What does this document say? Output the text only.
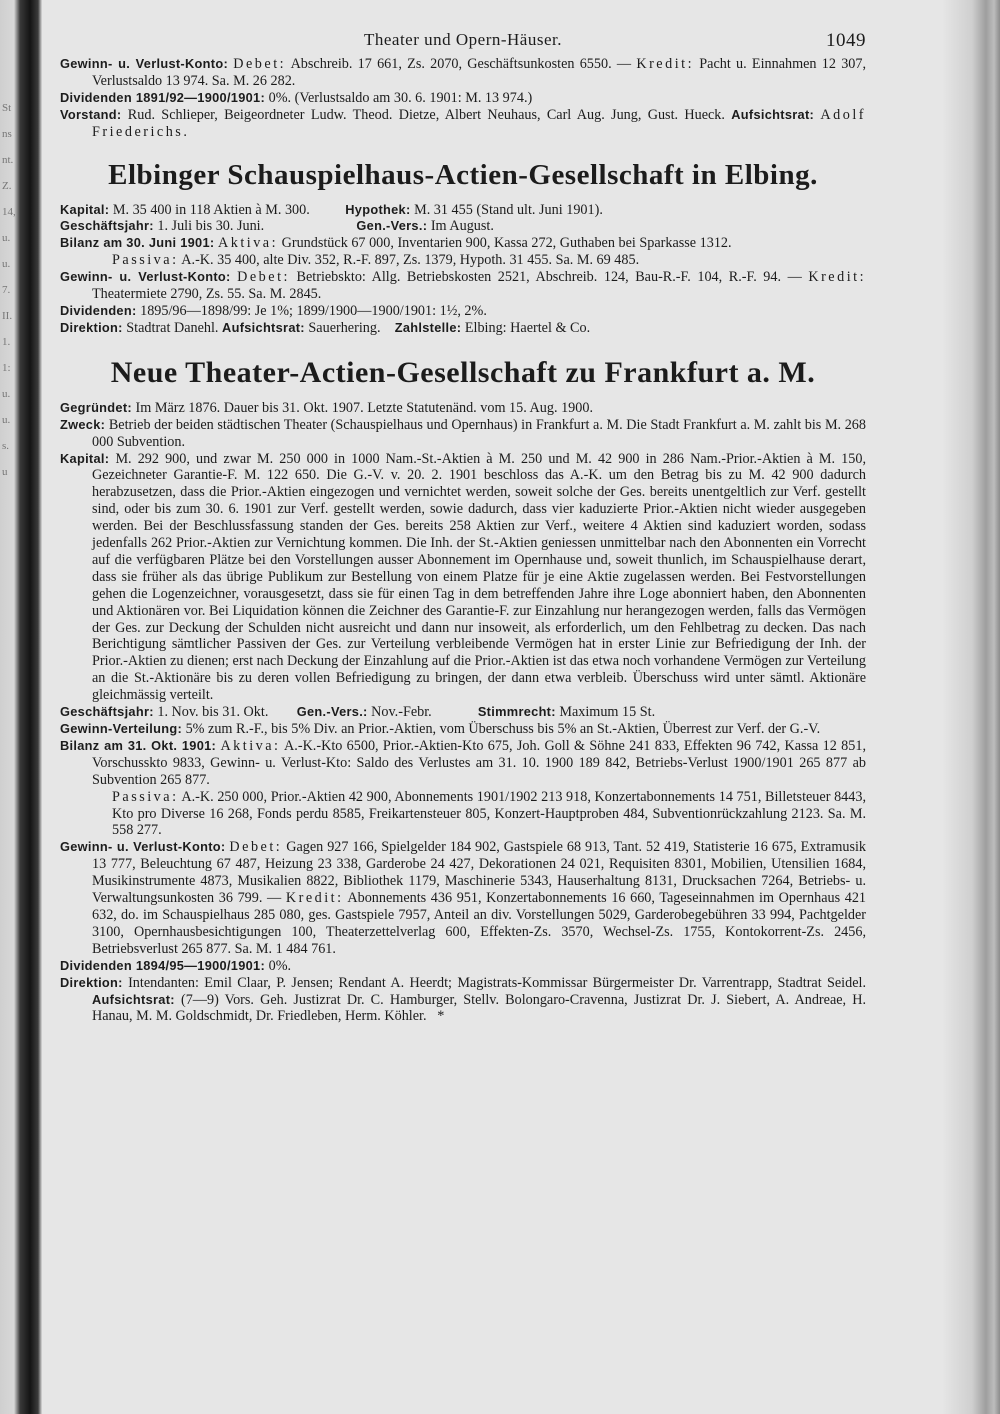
St
ns
nt.
Z.
14,
u.
u.
7.
II.
1.
1:
u.
u.
s.
u
Theater und Opern-Häuser.	1049

Gewinn- u. Verlust-Konto: Debet: Abschreib. 17 661, Zs. 2070, Geschäftsunkosten 6550. — Kredit: Pacht u. Einnahmen 12 307, Verlustsaldo 13 974. Sa. M. 26 282.

Dividenden 1891/92—1900/1901: 0%. (Verlustsaldo am 30. 6. 1901: M. 13 974.)

Vorstand: Rud. Schlieper, Beigeordneter Ludw. Theod. Dietze, Albert Neuhaus, Carl Aug. Jung, Gust. Hueck. Aufsichtsrat: Adolf Friederichs.

Elbinger Schauspielhaus-Actien-Gesellschaft in Elbing.

Kapital: M. 35 400 in 118 Aktien à M. 300.	Hypothek: M. 31 455 (Stand ult. Juni 1901).

Geschäftsjahr: 1. Juli bis 30. Juni.	Gen.-Vers.: Im August.

Bilanz am 30. Juni 1901: Aktiva: Grundstück 67 000, Inventarien 900, Kassa 272, Guthaben bei Sparkasse 1312.

Passiva: A.-K. 35 400, alte Div. 352, R.-F. 897, Zs. 1379, Hypoth. 31 455. Sa. M. 69 485.

Gewinn- u. Verlust-Konto: Debet: Betriebskto: Allg. Betriebskosten 2521, Abschreib. 124, Bau-R.-F. 104, R.-F. 94. — Kredit: Theatermiete 2790, Zs. 55. Sa. M. 2845.

Dividenden: 1895/96—1898/99: Je 1%; 1899/1900—1900/1901: 1½, 2%.

Direktion: Stadtrat Danehl. Aufsichtsrat: Sauerhering. Zahlstelle: Elbing: Haertel & Co.

Neue Theater-Actien-Gesellschaft zu Frankfurt a. M.

Gegründet: Im März 1876. Dauer bis 31. Okt. 1907. Letzte Statutenänd. vom 15. Aug. 1900.

Zweck: Betrieb der beiden städtischen Theater (Schauspielhaus und Opernhaus) in Frankfurt a. M. Die Stadt Frankfurt a. M. zahlt bis M. 268 000 Subvention.

Kapital: M. 292 900, und zwar M. 250 000 in 1000 Nam.-St.-Aktien à M. 250 und M. 42 900 in 286 Nam.-Prior.-Aktien à M. 150, Gezeichneter Garantie-F. M. 122 650. Die G.-V. v. 20. 2. 1901 beschloss das A.-K. um den Betrag bis zu M. 42 900 dadurch herabzusetzen, dass die Prior.-Aktien eingezogen und vernichtet werden, soweit solche der Ges. bereits unentgeltlich zur Verf. gestellt sind, oder bis zum 30. 6. 1901 zur Verf. gestellt werden, sowie dadurch, dass vier kaduzierte Prior.-Aktien nicht wieder ausgegeben werden. Bei der Beschlussfassung standen der Ges. bereits 258 Aktien zur Verf., weitere 4 Aktien sind kaduziert worden, sodass jedenfalls 262 Prior.-Aktien zur Vernichtung kommen. Die Inh. der St.-Aktien geniessen unmittelbar nach den Abonnenten ein Vorrecht auf die verfügbaren Plätze bei den Vorstellungen ausser Abonnement im Opernhause und, soweit thunlich, im Schauspielhause derart, dass sie früher als das übrige Publikum zur Bestellung von einem Platze für je eine Aktie zugelassen werden. Bei Festvorstellungen gehen die Logenzeichner, vorausgesetzt, dass sie für einen Tag in dem betreffenden Jahre ihre Loge abonniert haben, den Abonnenten und Aktionären vor. Bei Liquidation können die Zeichner des Garantie-F. zur Einzahlung nur herangezogen werden, falls das Vermögen der Ges. zur Deckung der Schulden nicht ausreicht und dann nur insoweit, als erforderlich, um den Fehlbetrag zu decken. Das nach Berichtigung sämtlicher Passiven der Ges. zur Verteilung verbleibende Vermögen hat in erster Linie zur Befriedigung der Inh. der Prior.-Aktien zu dienen; erst nach Deckung der Einzahlung auf die Prior.-Aktien ist das etwa noch vorhandene Vermögen zur Verteilung an die St.-Aktionäre bis zu deren vollen Befriedigung zu bringen, der dann etwa verbleib. Überschuss wird unter sämtl. Aktionäre gleichmässig verteilt.

Geschäftsjahr: 1. Nov. bis 31. Okt. Gen.-Vers.: Nov.-Febr.	Stimmrecht: Maximum 15 St.

Gewinn-Verteilung: 5% zum R.-F., bis 5% Div. an Prior.-Aktien, vom Überschuss bis 5% an St.-Aktien, Überrest zur Verf. der G.-V.

Bilanz am 31. Okt. 1901: Aktiva: A.-K.-Kto 6500, Prior.-Aktien-Kto 675, Joh. Goll & Söhne 241 833, Effekten 96 742, Kassa 12 851, Vorschusskto 9833, Gewinn- u. Verlust-Kto: Saldo des Verlustes am 31. 10. 1900 189 842, Betriebs-Verlust 1900/1901 265 877 ab Subvention 265 877.

Passiva: A.-K. 250 000, Prior.-Aktien 42 900, Abonnements 1901/1902 213 918, Konzertabonnements 14 751, Billetsteuer 8443, Kto pro Diverse 16 268, Fonds perdu 8585, Freikartensteuer 805, Konzert-Hauptproben 484, Subventionrückzahlung 2123. Sa. M. 558 277.

Gewinn- u. Verlust-Konto: Debet: Gagen 927 166, Spielgelder 184 902, Gastspiele 68 913, Tant. 52 419, Statisterie 16 675, Extramusik 13 777, Beleuchtung 67 487, Heizung 23 338, Garderobe 24 427, Dekorationen 24 021, Requisiten 8301, Mobilien, Utensilien 1684, Musikinstrumente 4873, Musikalien 8822, Bibliothek 1179, Maschinerie 5343, Hauserhaltung 8131, Drucksachen 7264, Betriebs- u. Verwaltungsunkosten 36 799. — Kredit: Abonnements 436 951, Konzertabonnements 16 660, Tageseinnahmen im Opernhaus 421 632, do. im Schauspielhaus 285 080, ges. Gastspiele 7957, Anteil an div. Vorstellungen 5029, Garderobegebühren 33 994, Pachtgelder 3100, Opernhausbesichtigungen 100, Theaterzettelverlag 600, Effekten-Zs. 3570, Wechsel-Zs. 1755, Kontokorrent-Zs. 2456, Betriebsverlust 265 877. Sa. M. 1 484 761.

Dividenden 1894/95—1900/1901: 0%.

Direktion: Intendanten: Emil Claar, P. Jensen; Rendant A. Heerdt; Magistrats-Kommissar Bürgermeister Dr. Varrentrapp, Stadtrat Seidel. Aufsichtsrat: (7—9) Vors. Geh. Justizrat Dr. C. Hamburger, Stellv. Bolongaro-Cravenna, Justizrat Dr. J. Siebert, A. Andreae, H. Hanau, M. M. Goldschmidt, Dr. Friedleben, Herm. Köhler. *
